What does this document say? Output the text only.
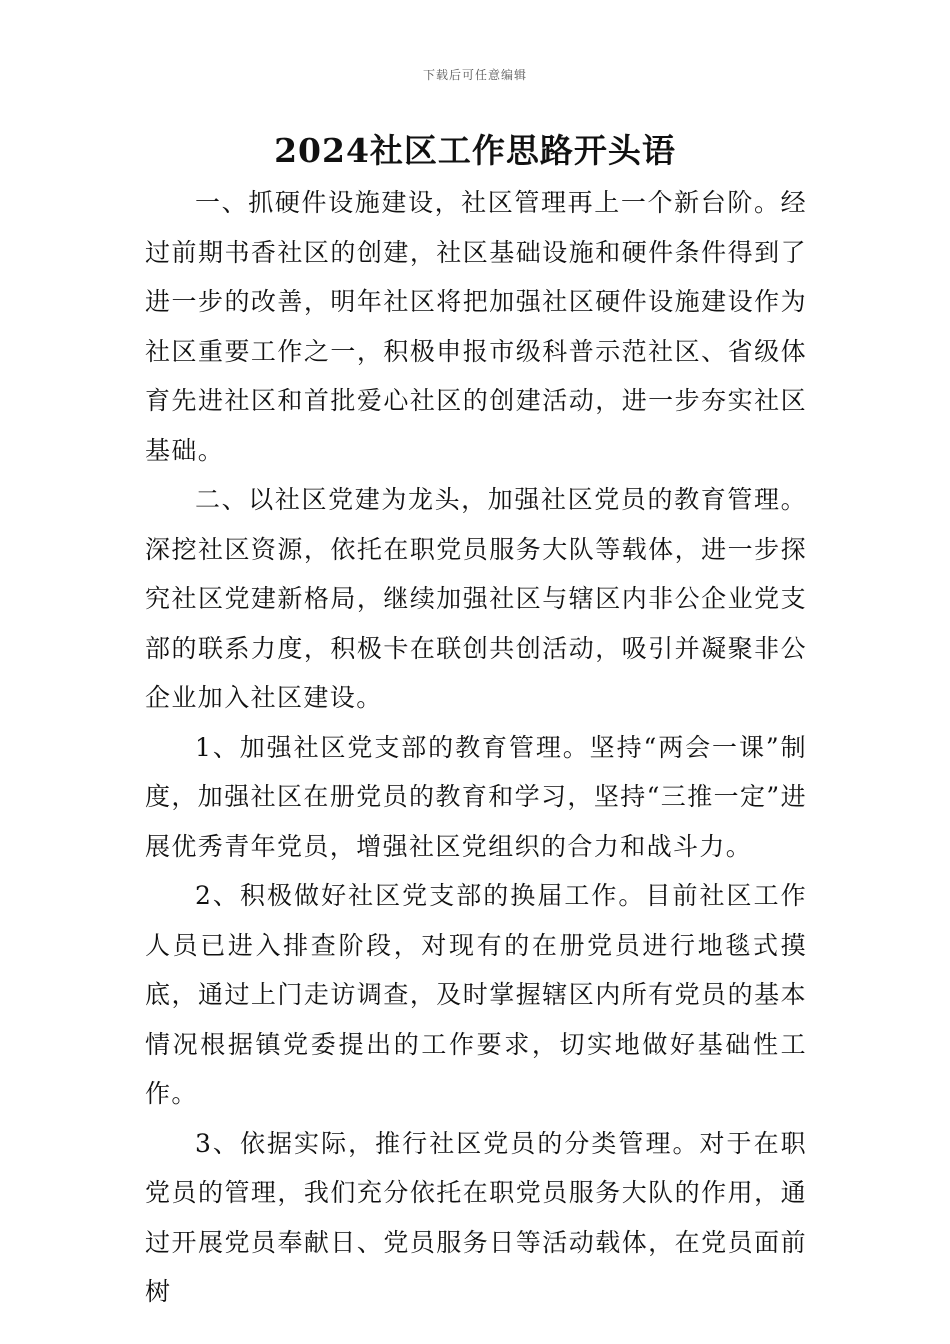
下载后可任意编辑
2024社区工作思路开头语

一、抓硬件设施建设，社区管理再上一个新台阶。经过前期书香社区的创建，社区基础设施和硬件条件得到了进一步的改善，明年社区将把加强社区硬件设施建设作为社区重要工作之一，积极申报市级科普示范社区、省级体育先进社区和首批爱心社区的创建活动，进一步夯实社区基础。

二、以社区党建为龙头，加强社区党员的教育管理。深挖社区资源，依托在职党员服务大队等载体，进一步探究社区党建新格局，继续加强社区与辖区内非公企业党支部的联系力度，积极卡在联创共创活动，吸引并凝聚非公企业加入社区建设。

1、加强社区党支部的教育管理。坚持“两会一课”制度，加强社区在册党员的教育和学习，坚持“三推一定”进展优秀青年党员，增强社区党组织的合力和战斗力。

2、积极做好社区党支部的换届工作。目前社区工作人员已进入排查阶段，对现有的在册党员进行地毯式摸底，通过上门走访调查，及时掌握辖区内所有党员的基本情况根据镇党委提出的工作要求，切实地做好基础性工作。

3、依据实际，推行社区党员的分类管理。对于在职党员的管理，我们充分依托在职党员服务大队的作用，通过开展党员奉献日、党员服务日等活动载体，在党员面前树
